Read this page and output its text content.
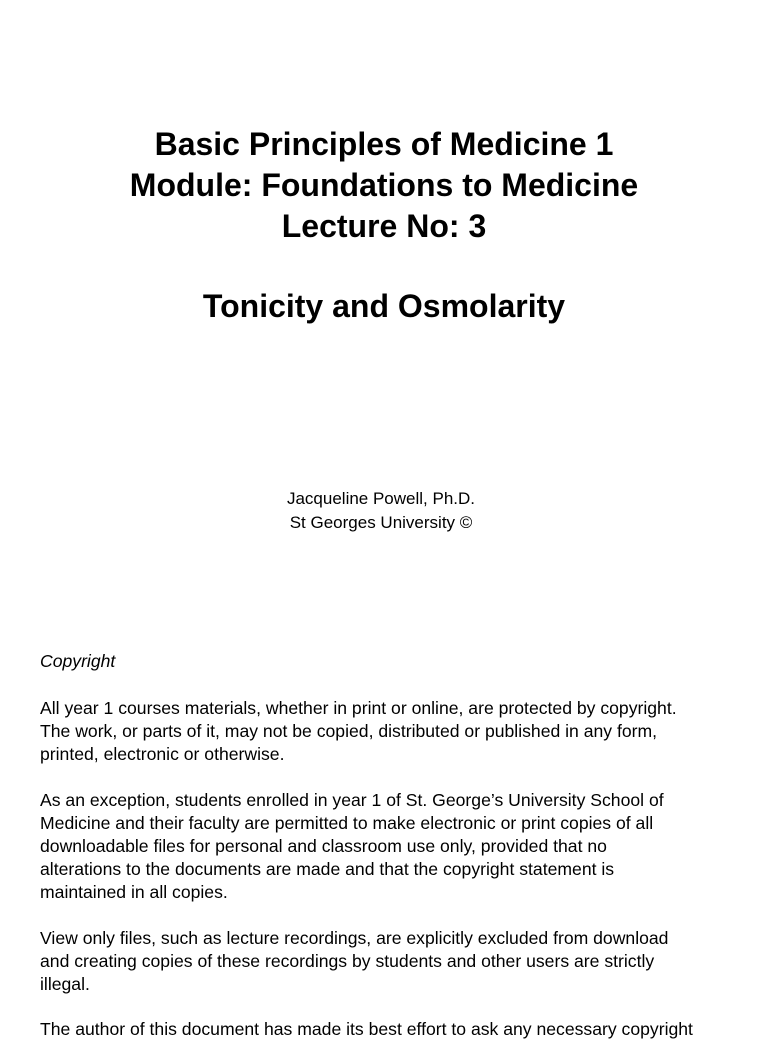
Basic Principles of Medicine 1
Module: Foundations to Medicine
Lecture No: 3
Tonicity and Osmolarity
Jacqueline Powell, Ph.D.
St Georges University ©
Copyright
All year 1 courses materials, whether in print or online, are protected by copyright.
The work, or parts of it, may not be copied, distributed or published in any form,
printed, electronic or otherwise.
As an exception, students enrolled in year 1 of St. George’s University School of
Medicine and their faculty are permitted to make electronic or print copies of all
downloadable files for personal and classroom use only, provided that no
alterations to the documents are made and that the copyright statement is
maintained in all copies.
View only files, such as lecture recordings, are explicitly excluded from download
and creating copies of these recordings by students and other users are strictly
illegal.
The author of this document has made its best effort to ask any necessary copyright
